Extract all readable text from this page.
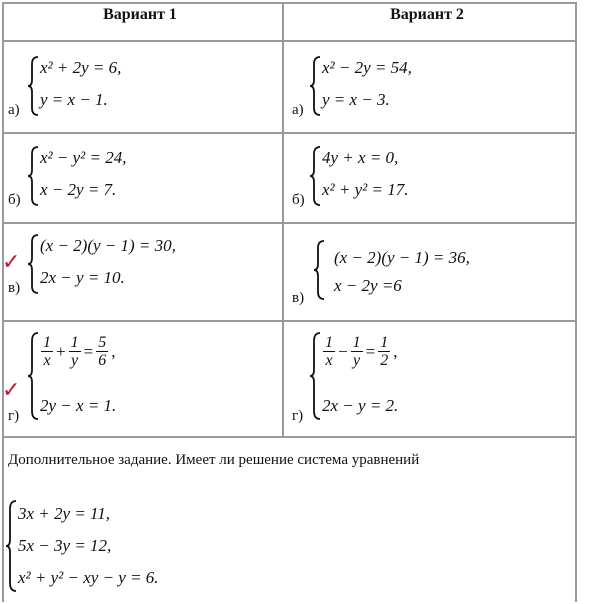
Вариант 1	Вариант 2
а)
x² + 2y = 6,
y = x − 1.
а)
x² − 2y = 54,
y = x − 3.
б)
x² − y² = 24,
x − 2y = 7.
б)
4y + x = 0,
x² + y² = 17.
✓
в)
(x − 2)(y − 1) = 30,
2x − y = 10.
в)
(x − 2)(y − 1) = 36,
x − 2y =6
✓
г)
$\frac{1}{x} + \frac{1}{y} = \frac{5}{6}$ ,
2y − x = 1.
г)
$\frac{1}{x} - \frac{1}{y} = \frac{1}{2}$ ,
2x − y = 2.
Дополнительное задание. Имеет ли решение система уравнений
3x + 2y = 11,
5x − 3y = 12,
x² + y² − xy − y = 6.
